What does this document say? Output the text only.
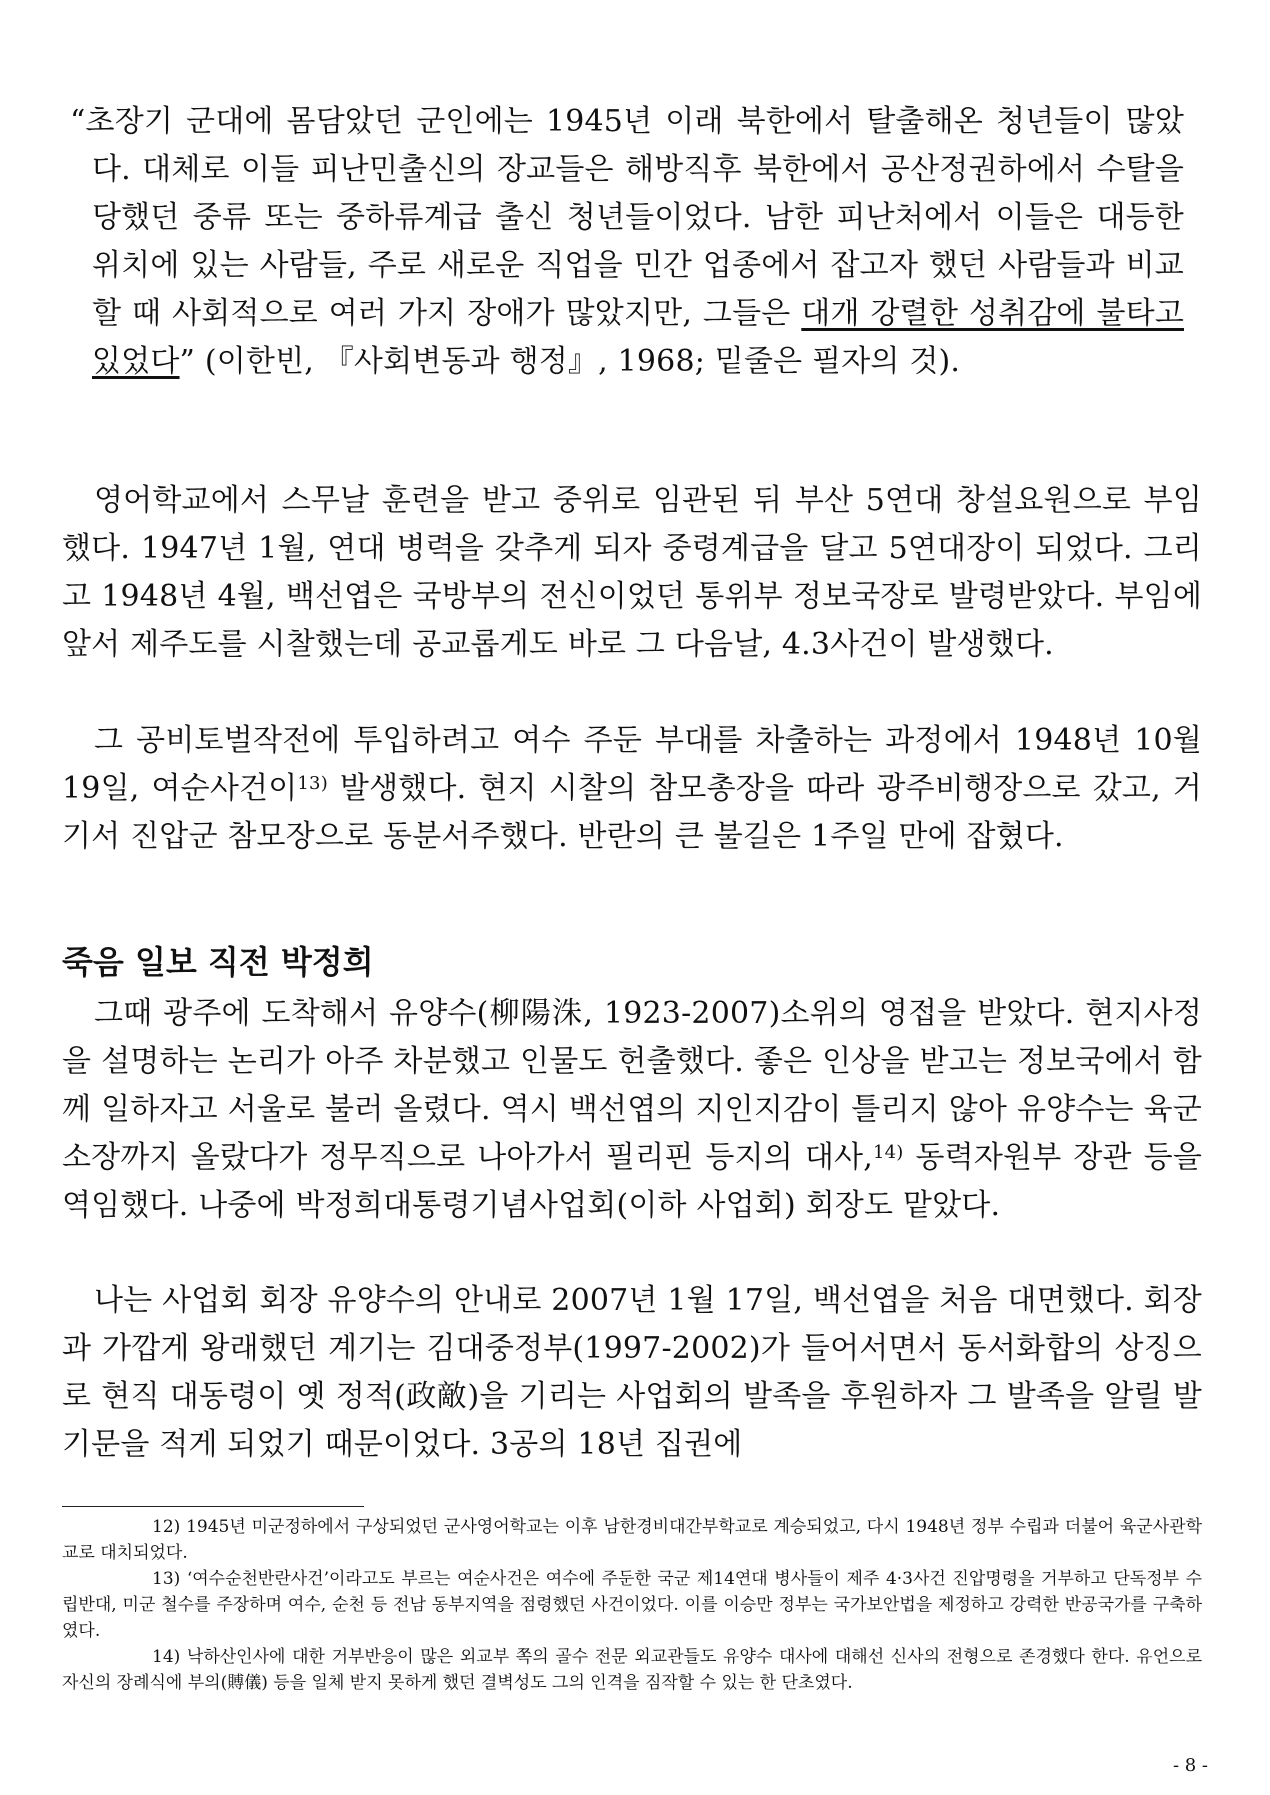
“초장기 군대에 몸담았던 군인에는 1945년 이래 북한에서 탈출해온 청년들이 많았다. 대체로 이들 피난민출신의 장교들은 해방직후 북한에서 공산정권하에서 수탈을 당했던 중류 또는 중하류계급 출신 청년들이었다. 남한 피난처에서 이들은 대등한 위치에 있는 사람들, 주로 새로운 직업을 민간 업종에서 잡고자 했던 사람들과 비교할 때 사회적으로 여러 가지 장애가 많았지만, 그들은 대개 강렬한 성취감에 불타고 있었다” (이한빈, 『사회변동과 행정』, 1968; 밑줄은 필자의 것).

영어학교에서 스무날 훈련을 받고 중위로 임관된 뒤 부산 5연대 창설요원으로 부임했다. 1947년 1월, 연대 병력을 갖추게 되자 중령계급을 달고 5연대장이 되었다. 그리고 1948년 4월, 백선엽은 국방부의 전신이었던 통위부 정보국장로 발령받았다. 부임에 앞서 제주도를 시찰했는데 공교롭게도 바로 그 다음날, 4.3사건이 발생했다.

그 공비토벌작전에 투입하려고 여수 주둔 부대를 차출하는 과정에서 1948년 10월 19일, 여순사건이$^{13)}$ 발생했다. 현지 시찰의 참모총장을 따라 광주비행장으로 갔고, 거기서 진압군 참모장으로 동분서주했다. 반란의 큰 불길은 1주일 만에 잡혔다.

죽음 일보 직전 박정희

그때 광주에 도착해서 유양수(柳陽洙, 1923-2007)소위의 영접을 받았다. 현지사정을 설명하는 논리가 아주 차분했고 인물도 헌출했다. 좋은 인상을 받고는 정보국에서 함께 일하자고 서울로 불러 올렸다. 역시 백선엽의 지인지감이 틀리지 않아 유양수는 육군 소장까지 올랐다가 정무직으로 나아가서 필리핀 등지의 대사,$^{14)}$ 동력자원부 장관 등을 역임했다. 나중에 박정희대통령기념사업회(이하 사업회) 회장도 맡았다.

나는 사업회 회장 유양수의 안내로 2007년 1월 17일, 백선엽을 처음 대면했다. 회장과 가깝게 왕래했던 계기는 김대중정부(1997-2002)가 들어서면서 동서화합의 상징으로 현직 대동령이 옛 정적(政敵)을 기리는 사업회의 발족을 후원하자 그 발족을 알릴 발기문을 적게 되었기 때문이었다. 3공의 18년 집권에

12) 1945년 미군정하에서 구상되었던 군사영어학교는 이후 남한경비대간부학교로 계승되었고, 다시 1948년 정부 수립과 더불어 육군사관학교로 대치되었다.

13) ‘여수순천반란사건’이라고도 부르는 여순사건은 여수에 주둔한 국군 제14연대 병사들이 제주 4·3사건 진압명령을 거부하고 단독정부 수립반대, 미군 철수를 주장하며 여수, 순천 등 전남 동부지역을 점령했던 사건이었다. 이를 이승만 정부는 국가보안법을 제정하고 강력한 반공국가를 구축하였다.

14) 낙하산인사에 대한 거부반응이 많은 외교부 쪽의 골수 전문 외교관들도 유양수 대사에 대해선 신사의 전형으로 존경했다 한다. 유언으로 자신의 장례식에 부의(賻儀) 등을 일체 받지 못하게 했던 결벽성도 그의 인격을 짐작할 수 있는 한 단초였다.

- 8 -
